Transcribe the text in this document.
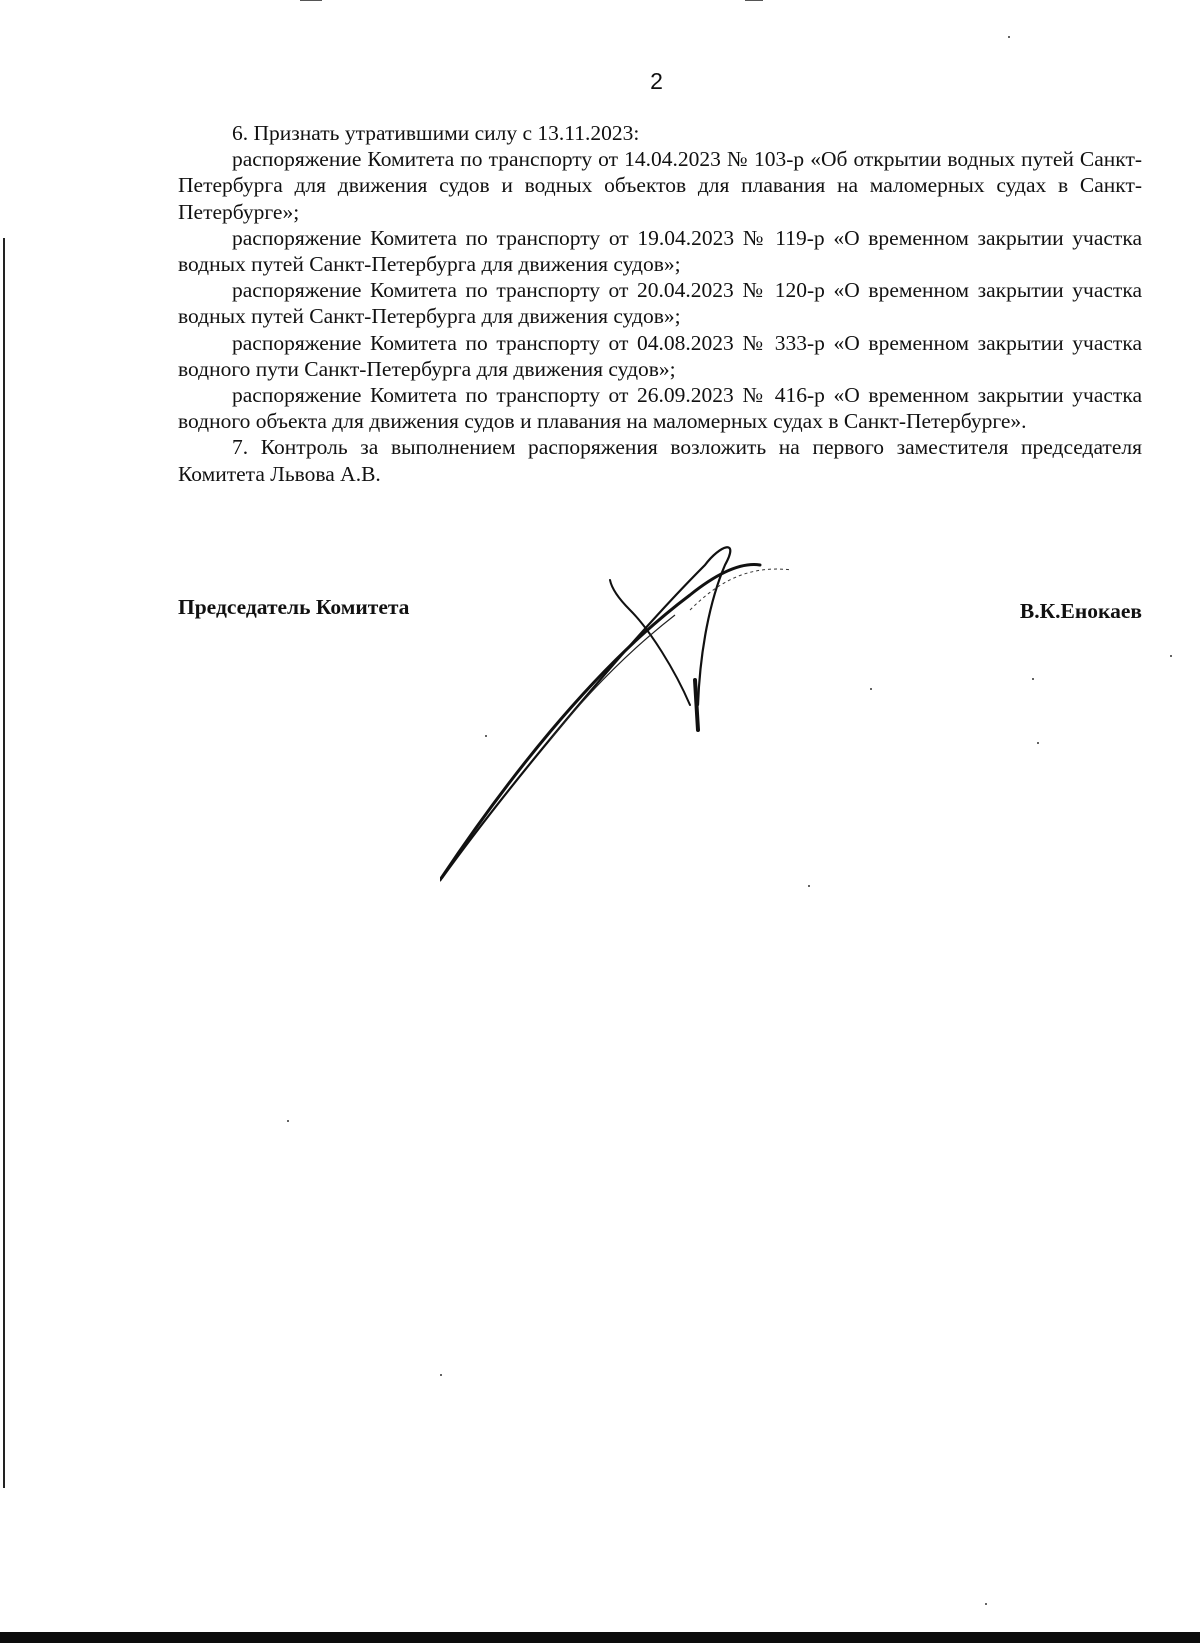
2

6. Признать утратившими силу с 13.11.2023:

распоряжение Комитета по транспорту от 14.04.2023 № 103-р «Об открытии водных путей Санкт-Петербурга для движения судов и водных объектов для плавания на маломерных судах в Санкт-Петербурге»;

распоряжение Комитета по транспорту от 19.04.2023 № 119-р «О временном закрытии участка водных путей Санкт-Петербурга для движения судов»;

распоряжение Комитета по транспорту от 20.04.2023 № 120-р «О временном закрытии участка водных путей Санкт-Петербурга для движения судов»;

распоряжение Комитета по транспорту от 04.08.2023 № 333-р «О временном закрытии участка водного пути Санкт-Петербурга для движения судов»;

распоряжение Комитета по транспорту от 26.09.2023 № 416-р «О временном закрытии участка водного объекта для движения судов и плавания на маломерных судах в Санкт-Петербурге».

7. Контроль за выполнением распоряжения возложить на первого заместителя председателя Комитета Львова А.В.

Председатель Комитета	В.К.Енокаев
